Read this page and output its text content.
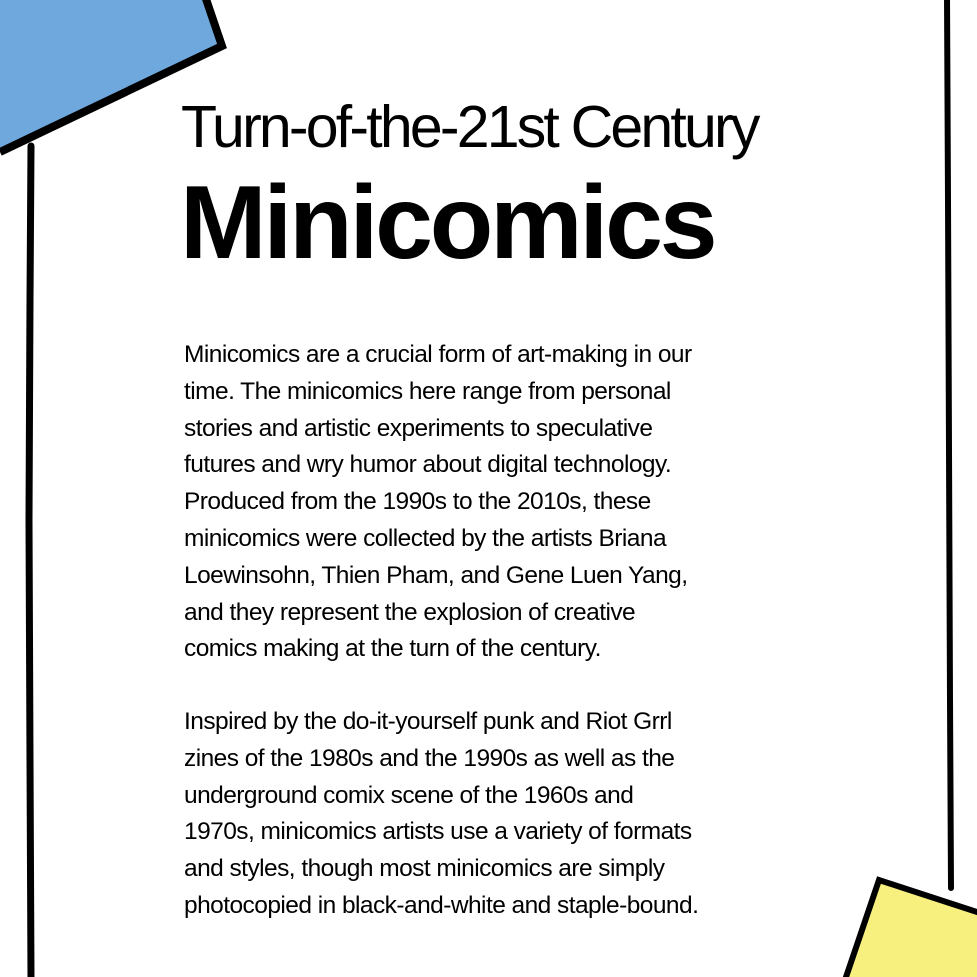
Turn-of-the-21st Century
Minicomics

Minicomics are a crucial form of art-making in our
time. The minicomics here range from personal
stories and artistic experiments to speculative
futures and wry humor about digital technology.
Produced from the 1990s to the 2010s, these
minicomics were collected by the artists Briana
Loewinsohn, Thien Pham, and Gene Luen Yang,
and they represent the explosion of creative
comics making at the turn of the century.

Inspired by the do-it-yourself punk and Riot Grrl
zines of the 1980s and the 1990s as well as the
underground comix scene of the 1960s and
1970s, minicomics artists use a variety of formats
and styles, though most minicomics are simply
photocopied in black-and-white and staple-bound.
